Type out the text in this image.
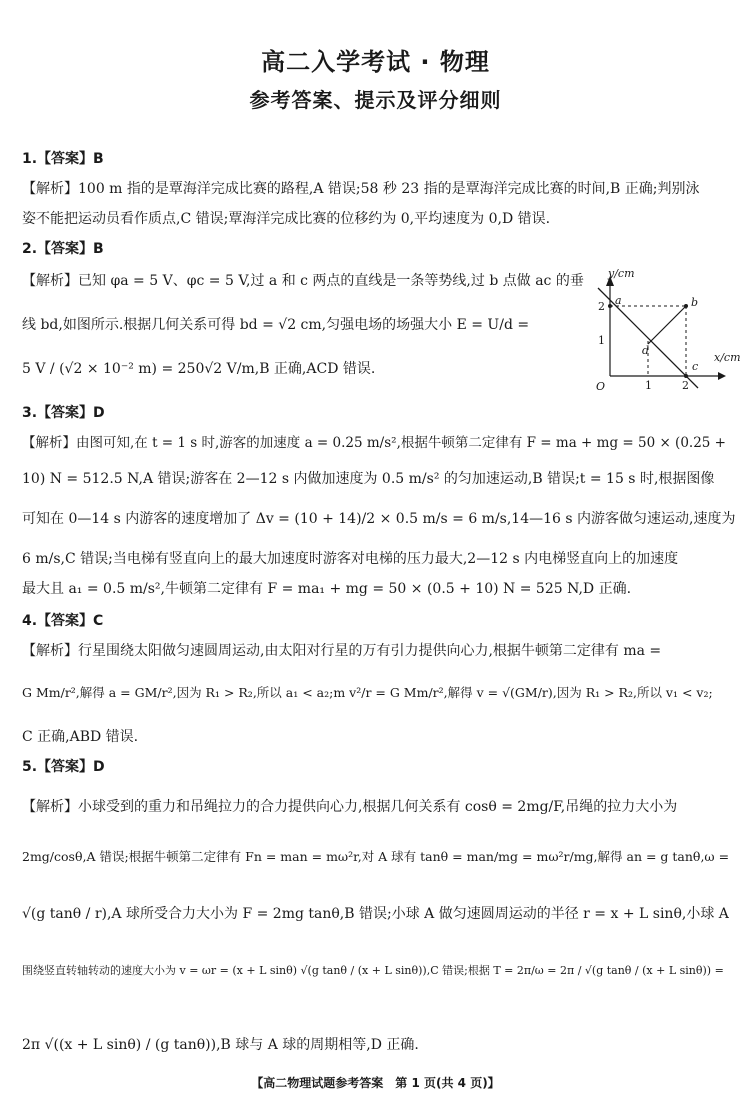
高二入学考试 · 物理
参考答案、提示及评分细则
1.【答案】B
【解析】100 m 指的是覃海洋完成比赛的路程,A 错误;58 秒 23 指的是覃海洋完成比赛的时间,B 正确;判别泳
姿不能把运动员看作质点,C 错误;覃海洋完成比赛的位移约为 0,平均速度为 0,D 错误.
2.【答案】B
【解析】已知 φa = 5 V、φc = 5 V,过 a 和 c 两点的直线是一条等势线,过 b 点做 ac 的垂
线 bd,如图所示.根据几何关系可得 bd = √2 cm,匀强电场的场强大小 E = U/d =
5 V / (√2 × 10⁻² m) = 250√2 V/m,B 正确,ACD 错误.
y/cm
x/cm
O
a	b
c
d
2
1
1	2
3.【答案】D
【解析】由图可知,在 t = 1 s 时,游客的加速度 a = 0.25 m/s²,根据牛顿第二定律有 F = ma + mg = 50 × (0.25 +
10) N = 512.5 N,A 错误;游客在 2—12 s 内做加速度为 0.5 m/s² 的匀加速运动,B 错误;t = 15 s 时,根据图像
可知在 0—14 s 内游客的速度增加了 Δv = (10 + 14)/2 × 0.5 m/s = 6 m/s,14—16 s 内游客做匀速运动,速度为
6 m/s,C 错误;当电梯有竖直向上的最大加速度时游客对电梯的压力最大,2—12 s 内电梯竖直向上的加速度
最大且 a₁ = 0.5 m/s²,牛顿第二定律有 F = ma₁ + mg = 50 × (0.5 + 10) N = 525 N,D 正确.
4.【答案】C
【解析】行星围绕太阳做匀速圆周运动,由太阳对行星的万有引力提供向心力,根据牛顿第二定律有 ma =
G Mm/r²,解得 a = GM/r²,因为 R₁ > R₂,所以 a₁ < a₂;m v²/r = G Mm/r²,解得 v = √(GM/r),因为 R₁ > R₂,所以 v₁ < v₂;
C 正确,ABD 错误.
5.【答案】D
【解析】小球受到的重力和吊绳拉力的合力提供向心力,根据几何关系有 cosθ = 2mg/F,吊绳的拉力大小为
2mg/cosθ,A 错误;根据牛顿第二定律有 Fn = man = mω²r,对 A 球有 tanθ = man/mg = mω²r/mg,解得 an = g tanθ,ω =
√(g tanθ / r),A 球所受合力大小为 F = 2mg tanθ,B 错误;小球 A 做匀速圆周运动的半径 r = x + L sinθ,小球 A
围绕竖直转轴转动的速度大小为 v = ωr = (x + L sinθ) √(g tanθ / (x + L sinθ)),C 错误;根据 T = 2π/ω = 2π / √(g tanθ / (x + L sinθ)) =
2π √((x + L sinθ) / (g tanθ)),B 球与 A 球的周期相等,D 正确.
【高二物理试题参考答案　第 1 页(共 4 页)】
